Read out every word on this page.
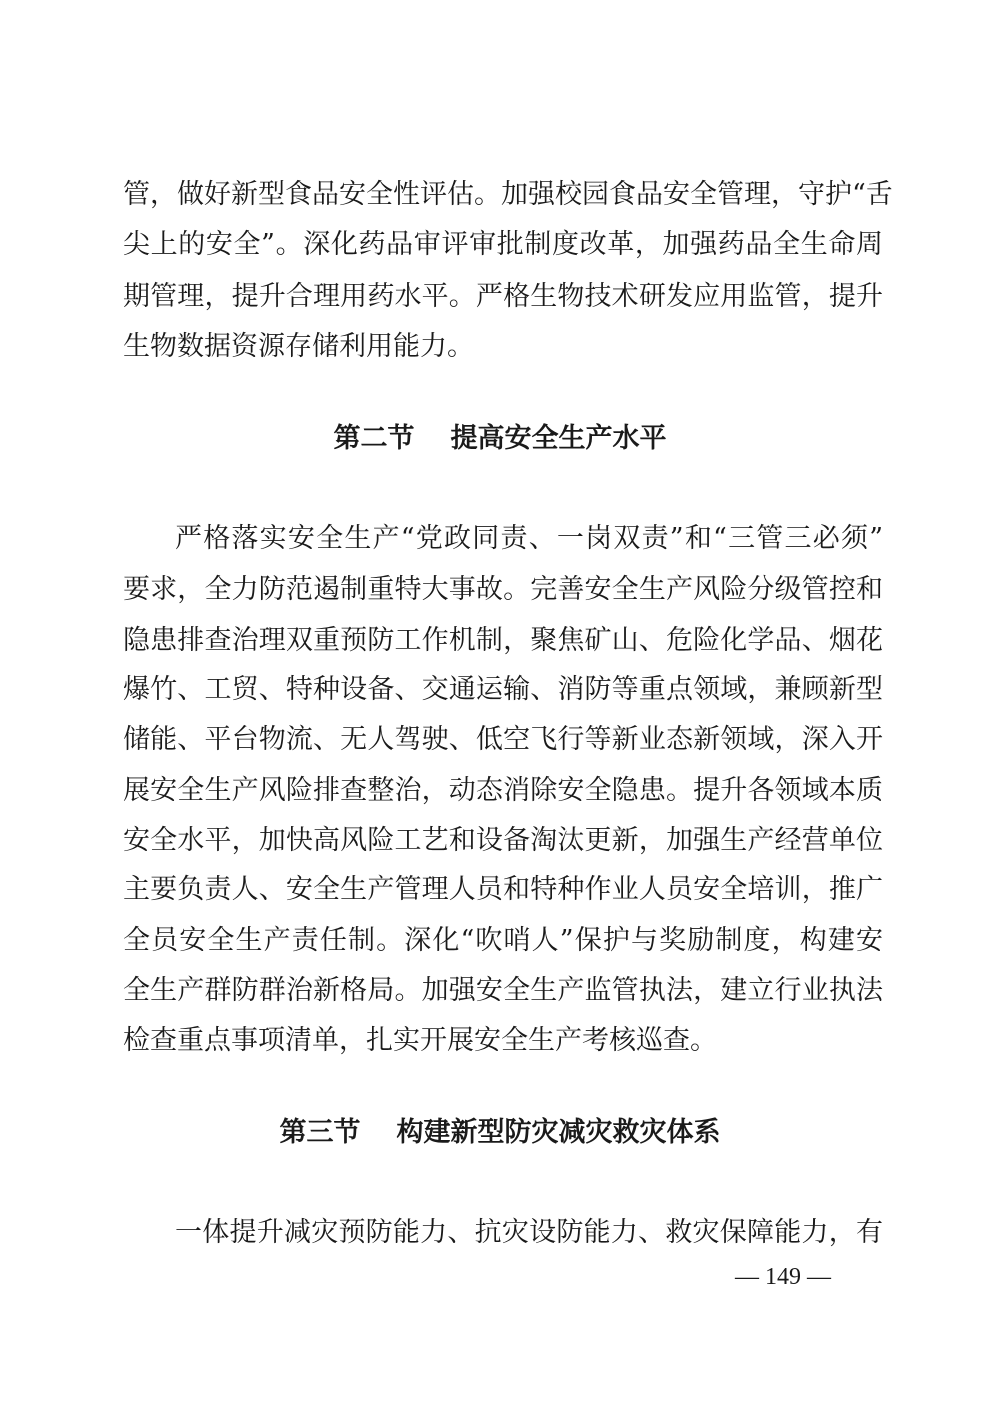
管，做好新型食品安全性评估。加强校园食品安全管理，守护“舌
尖上的安全”。深化药品审评审批制度改革，加强药品全生命周
期管理，提升合理用药水平。严格生物技术研发应用监管，提升
生物数据资源存储利用能力。
第二节 提高安全生产水平
严格落实安全生产“党政同责、一岗双责”和“三管三必须”
要求，全力防范遏制重特大事故。完善安全生产风险分级管控和
隐患排查治理双重预防工作机制，聚焦矿山、危险化学品、烟花
爆竹、工贸、特种设备、交通运输、消防等重点领域，兼顾新型
储能、平台物流、无人驾驶、低空飞行等新业态新领域，深入开
展安全生产风险排查整治，动态消除安全隐患。提升各领域本质
安全水平，加快高风险工艺和设备淘汰更新，加强生产经营单位
主要负责人、安全生产管理人员和特种作业人员安全培训，推广
全员安全生产责任制。深化“吹哨人”保护与奖励制度，构建安
全生产群防群治新格局。加强安全生产监管执法，建立行业执法
检查重点事项清单，扎实开展安全生产考核巡查。
第三节 构建新型防灾减灾救灾体系
一体提升减灾预防能力、抗灾设防能力、救灾保障能力，有
— 149 —
